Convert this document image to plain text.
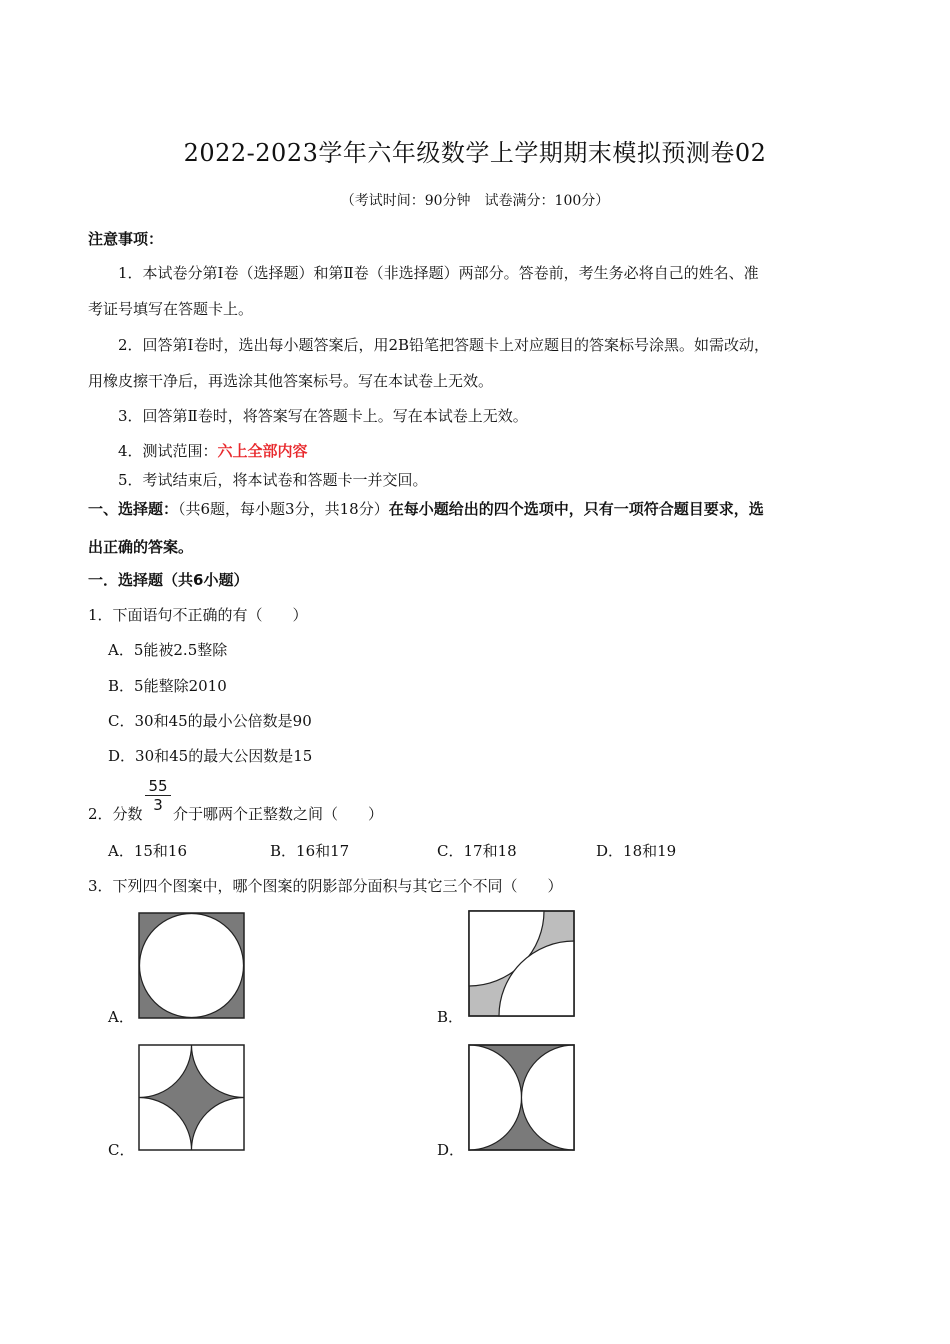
2022-2023学年六年级数学上学期期末模拟预测卷02
（考试时间：90分钟　试卷满分：100分）
注意事项：
1．本试卷分第Ⅰ卷（选择题）和第Ⅱ卷（非选择题）两部分。答卷前，考生务必将自己的姓名、准
考证号填写在答题卡上。
2．回答第Ⅰ卷时，选出每小题答案后，用2B铅笔把答题卡上对应题目的答案标号涂黑。如需改动，
用橡皮擦干净后，再选涂其他答案标号。写在本试卷上无效。
3．回答第Ⅱ卷时，将答案写在答题卡上。写在本试卷上无效。
4．测试范围：六上全部内容
5．考试结束后，将本试卷和答题卡一并交回。
一、选择题：（共6题，每小题3分，共18分）在每小题给出的四个选项中，只有一项符合题目要求，选
出正确的答案。
一．选择题（共6小题）
1．下面语句不正确的有（　　）
A．5能被2.5整除
B．5能整除2010
C．30和45的最小公倍数是90
D．30和45的最大公因数是15
2．分数 $\frac{55}{3}$ 介于哪两个正整数之间（　　）
A．15和16	B．16和17	C．17和18	D．18和19
3．下列四个图案中，哪个图案的阴影部分面积与其它三个不同（　　）
A．	B．
C．	D．
